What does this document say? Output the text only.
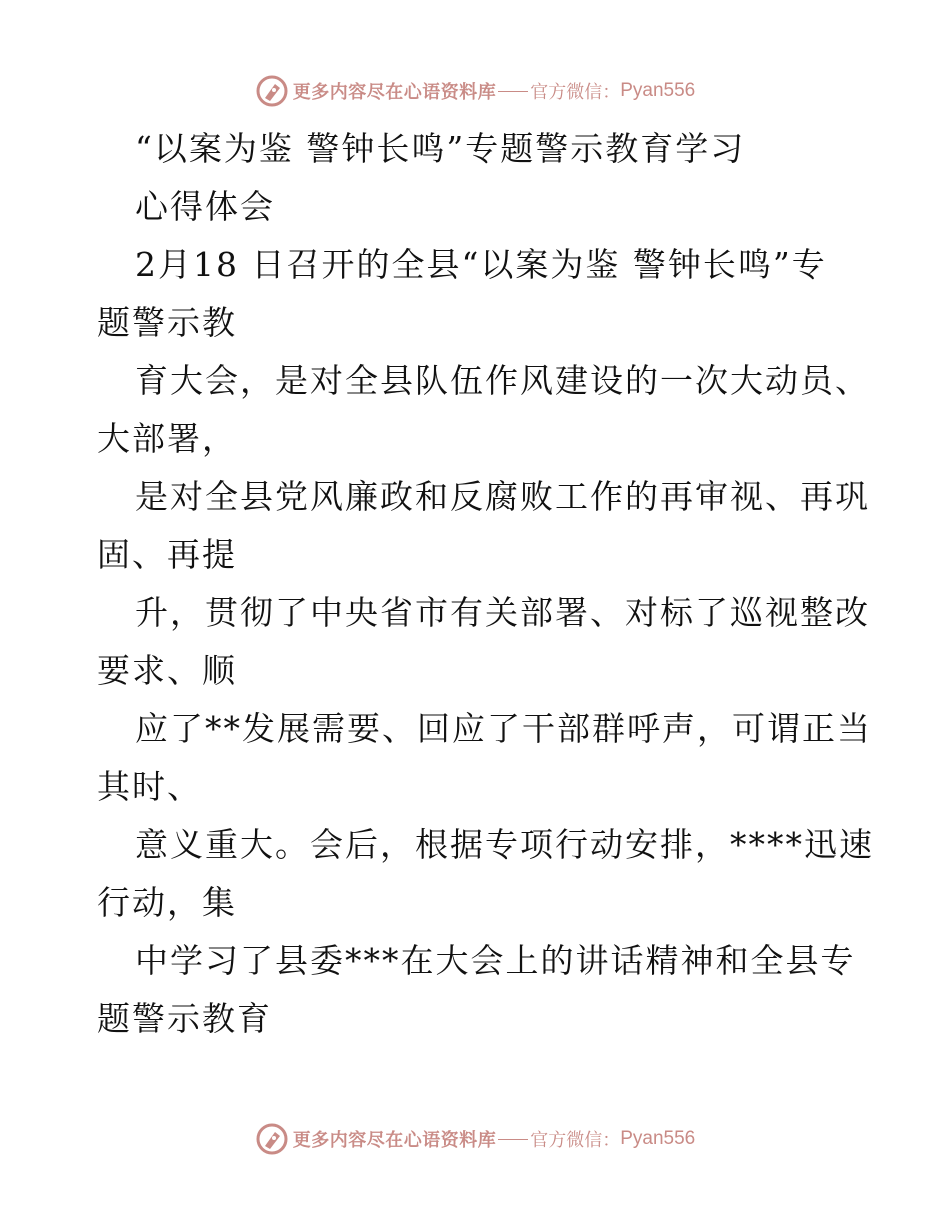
更多内容尽在心语资料库 官方微信： Pyan556
“以案为鉴 警钟长鸣”专题警示教育学习
心得体会
2月18 日召开的全县“以案为鉴 警钟长鸣”专
题警示教
育大会，是对全县队伍作风建设的一次大动员、
大部署，
是对全县党风廉政和反腐败工作的再审视、再巩
固、再提
升，贯彻了中央省市有关部署、对标了巡视整改
要求、顺
应了**发展需要、回应了干部群呼声，可谓正当
其时、
意义重大。会后，根据专项行动安排，****迅速
行动，集
中学习了县委***在大会上的讲话精神和全县专
题警示教育
更多内容尽在心语资料库 官方微信： Pyan556
